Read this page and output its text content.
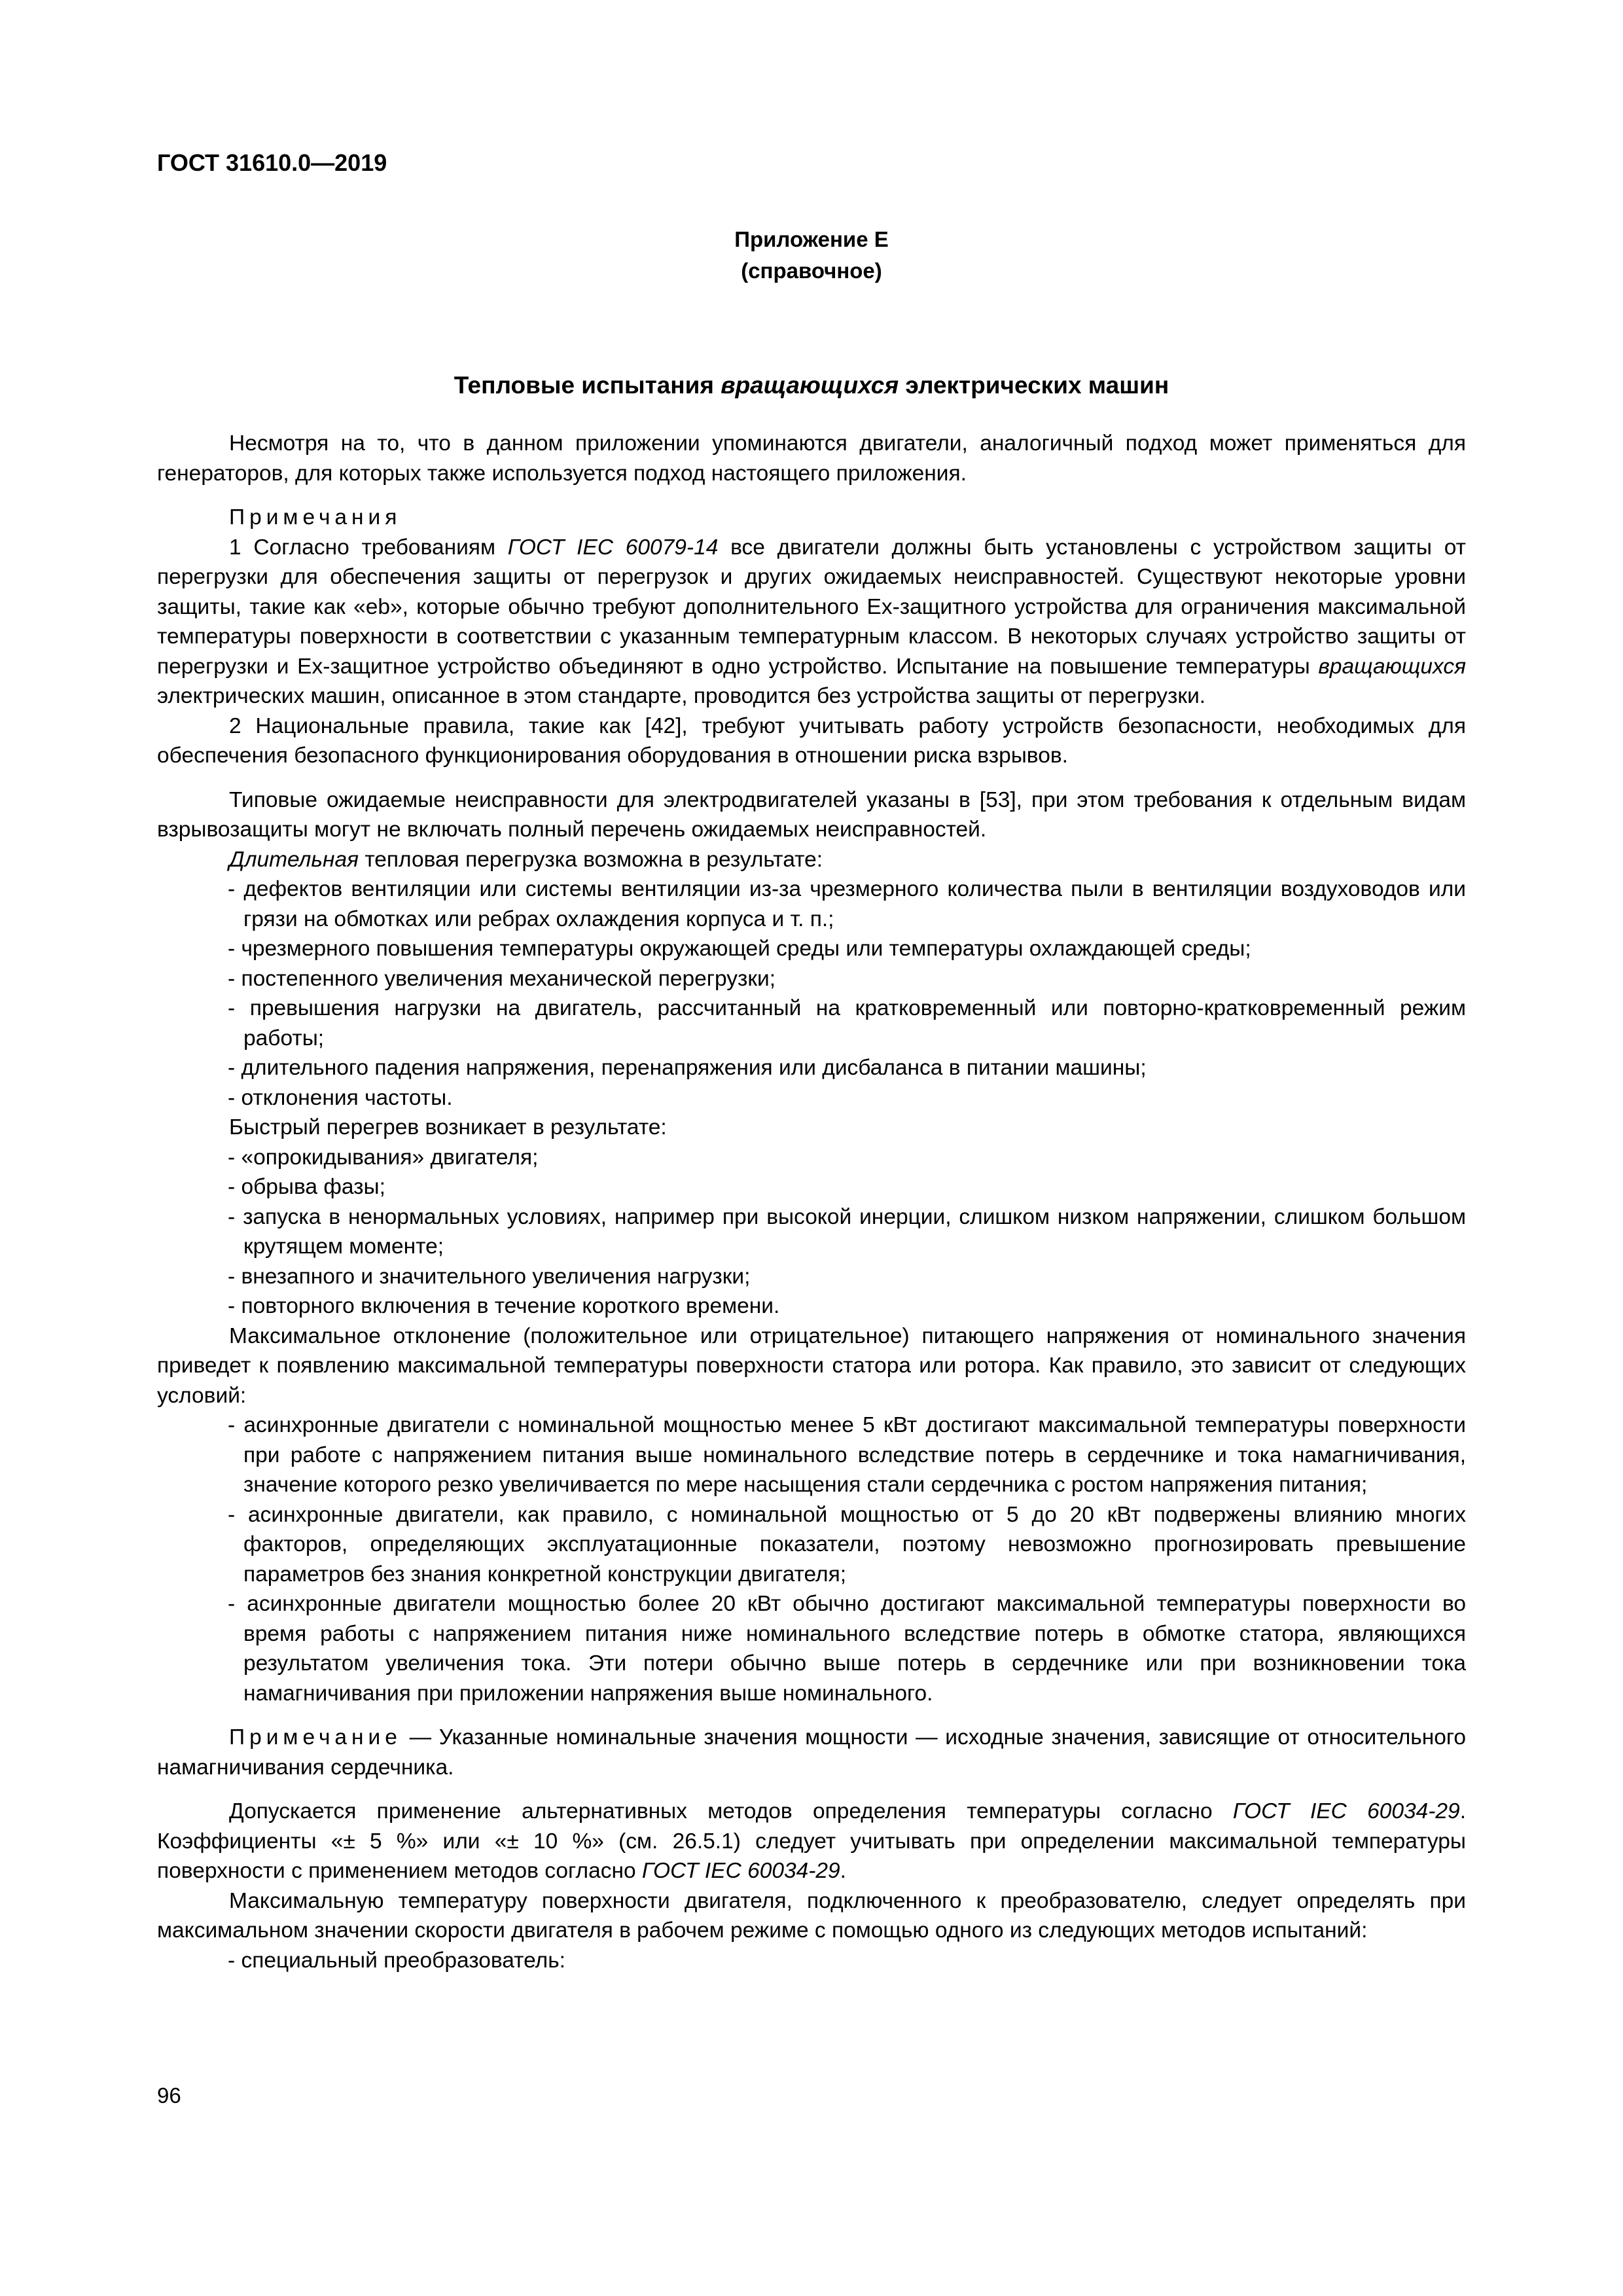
ГОСТ 31610.0—2019
Приложение Е
(справочное)
Тепловые испытания вращающихся электрических машин

Несмотря на то, что в данном приложении упоминаются двигатели, аналогичный подход может применяться для генераторов, для которых также используется подход настоящего приложения.

Примечания

1 Согласно требованиям ГОСТ IEC 60079-14 все двигатели должны быть установлены с устройством защиты от перегрузки для обеспечения защиты от перегрузок и других ожидаемых неисправностей. Существуют некоторые уровни защиты, такие как «eb», которые обычно требуют дополнительного Ex-защитного устройства для ограничения максимальной температуры поверхности в соответствии с указанным температурным классом. В некоторых случаях устройство защиты от перегрузки и Ex-защитное устройство объединяют в одно устройство. Испытание на повышение температуры вращающихся электрических машин, описанное в этом стандарте, проводится без устройства защиты от перегрузки.

2 Национальные правила, такие как [42], требуют учитывать работу устройств безопасности, необходимых для обеспечения безопасного функционирования оборудования в отношении риска взрывов.

Типовые ожидаемые неисправности для электродвигателей указаны в [53], при этом требования к отдельным видам взрывозащиты могут не включать полный перечень ожидаемых неисправностей.

Длительная тепловая перегрузка возможна в результате:

- дефектов вентиляции или системы вентиляции из-за чрезмерного количества пыли в вентиляции воздуховодов или грязи на обмотках или ребрах охлаждения корпуса и т. п.;
- чрезмерного повышения температуры окружающей среды или температуры охлаждающей среды;
- постепенного увеличения механической перегрузки;
- превышения нагрузки на двигатель, рассчитанный на кратковременный или повторно-кратковременный режим работы;
- длительного падения напряжения, перенапряжения или дисбаланса в питании машины;
- отклонения частоты.

Быстрый перегрев возникает в результате:

- «опрокидывания» двигателя;
- обрыва фазы;
- запуска в ненормальных условиях, например при высокой инерции, слишком низком напряжении, слишком большом крутящем моменте;
- внезапного и значительного увеличения нагрузки;
- повторного включения в течение короткого времени.

Максимальное отклонение (положительное или отрицательное) питающего напряжения от номинального значения приведет к появлению максимальной температуры поверхности статора или ротора. Как правило, это зависит от следующих условий:

- асинхронные двигатели с номинальной мощностью менее 5 кВт достигают максимальной температуры поверхности при работе с напряжением питания выше номинального вследствие потерь в сердечнике и тока намагничивания, значение которого резко увеличивается по мере насыщения стали сердечника с ростом напряжения питания;
- асинхронные двигатели, как правило, с номинальной мощностью от 5 до 20 кВт подвержены влиянию многих факторов, определяющих эксплуатационные показатели, поэтому невозможно прогнозировать превышение параметров без знания конкретной конструкции двигателя;
- асинхронные двигатели мощностью более 20 кВт обычно достигают максимальной температуры поверхности во время работы с напряжением питания ниже номинального вследствие потерь в обмотке статора, являющихся результатом увеличения тока. Эти потери обычно выше потерь в сердечнике или при возникновении тока намагничивания при приложении напряжения выше номинального.

Примечание — Указанные номинальные значения мощности — исходные значения, зависящие от относительного намагничивания сердечника.

Допускается применение альтернативных методов определения температуры согласно ГОСТ IEC 60034-29. Коэффициенты «± 5 %» или «± 10 %» (см. 26.5.1) следует учитывать при определении максимальной температуры поверхности с применением методов согласно ГОСТ IEC 60034-29.

Максимальную температуру поверхности двигателя, подключенного к преобразователю, следует определять при максимальном значении скорости двигателя в рабочем режиме с помощью одного из следующих методов испытаний:

- специальный преобразователь:
96
